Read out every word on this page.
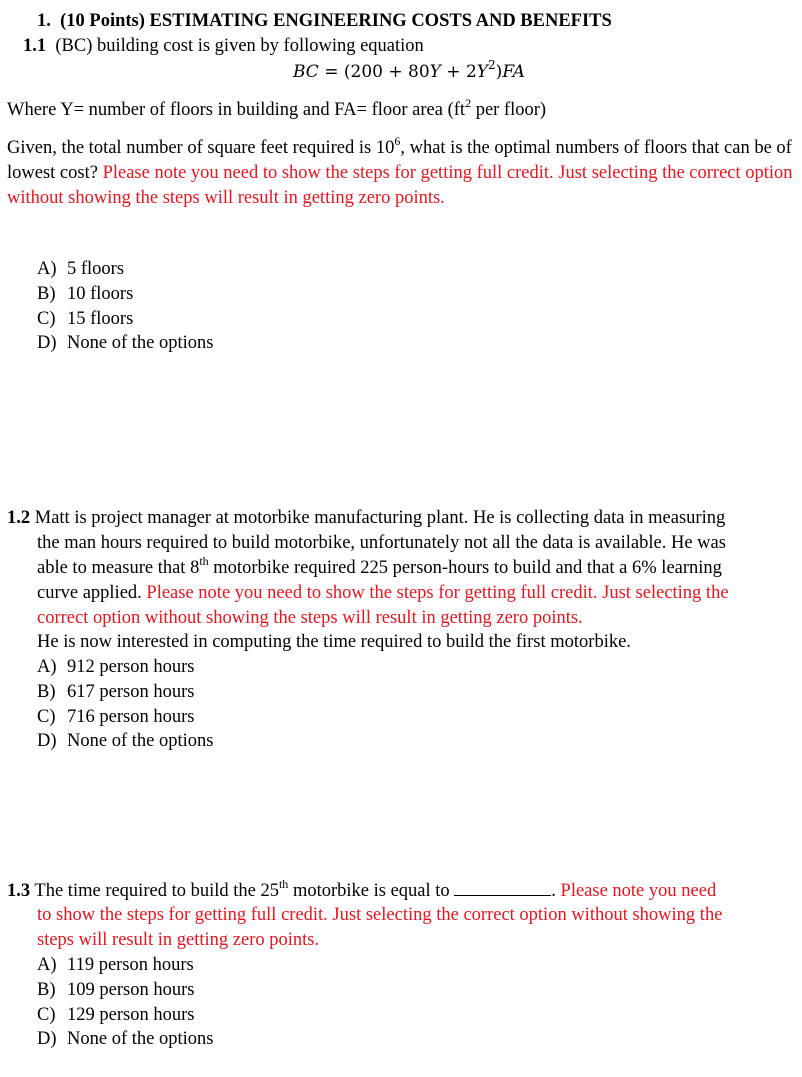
1. (10 Points) ESTIMATING ENGINEERING COSTS AND BENEFITS
1.1 (BC) building cost is given by following equation
BC = $(200 + 80Y + 2Y^2)FA$
Where Y= number of floors in building and FA= floor area ($ft^2$ per floor)
Given, the total number of square feet required is $10^6$, what is the optimal numbers of floors that can be of lowest cost? Please note you need to show the steps for getting full credit. Just selecting the correct option without showing the steps will result in getting zero points.
A) 5 floors
B) 10 floors
C) 15 floors
D) None of the options
1.2 Matt is project manager at motorbike manufacturing plant. He is collecting data in measuring
the man hours required to build motorbike, unfortunately not all the data is available. He was
able to measure that 8th motorbike required 225 person-hours to build and that a 6% learning
curve applied. Please note you need to show the steps for getting full credit. Just selecting the
correct option without showing the steps will result in getting zero points.
He is now interested in computing the time required to build the first motorbike.
A) 912 person hours
B) 617 person hours
C) 716 person hours
D) None of the options
1.3 The time required to build the 25th motorbike is equal to	. Please note you need
to show the steps for getting full credit. Just selecting the correct option without showing the
steps will result in getting zero points.
A) 119 person hours
B) 109 person hours
C) 129 person hours
D) None of the options
